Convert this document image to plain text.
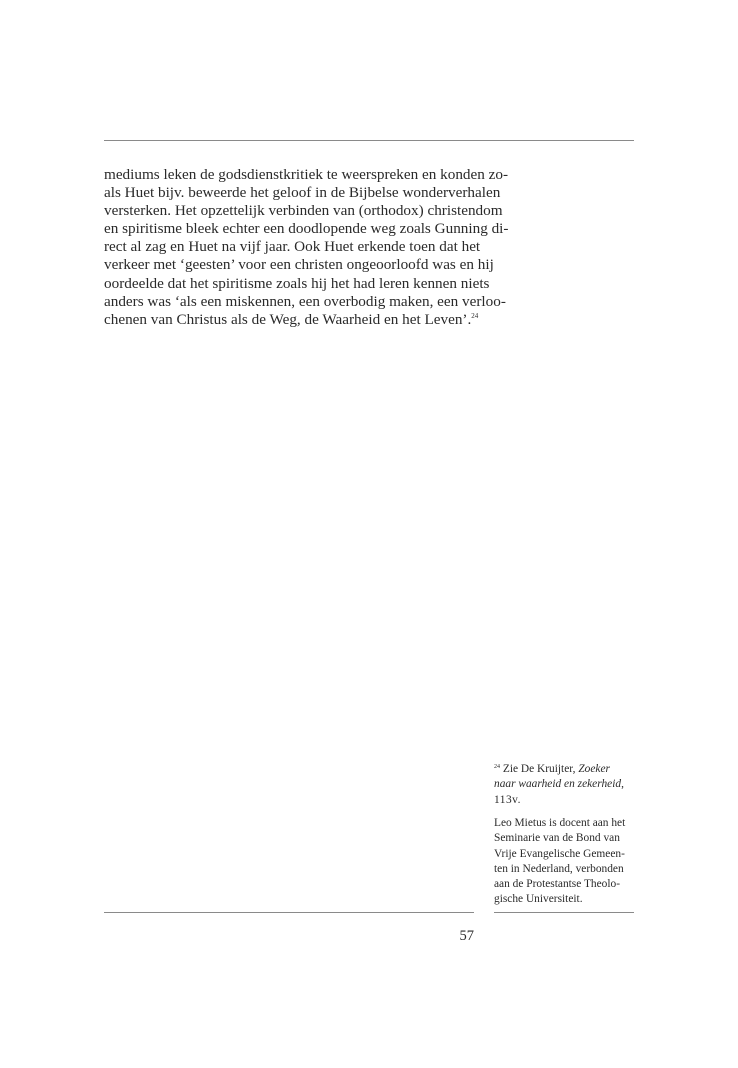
mediums leken de godsdienstkritiek te weerspreken en konden zo-
als Huet bijv. beweerde het geloof in de Bijbelse wonderverhalen
versterken. Het opzettelijk verbinden van (orthodox) christendom
en spiritisme bleek echter een doodlopende weg zoals Gunning di-
rect al zag en Huet na vijf jaar. Ook Huet erkende toen dat het
verkeer met ‘geesten’ voor een christen ongeoorloofd was en hij
oordeelde dat het spiritisme zoals hij het had leren kennen niets
anders was ‘als een miskennen, een overbodig maken, een verloo-
chenen van Christus als de Weg, de Waarheid en het Leven’.$^{24}$

$^{24}$ Zie De Kruijter, Zoeker
naar waarheid en zekerheid,
113v.
Leo Mietus is docent aan het
Seminarie van de Bond van
Vrije Evangelische Gemeen-
ten in Nederland, verbonden
aan de Protestantse Theolo-
gische Universiteit.
57
